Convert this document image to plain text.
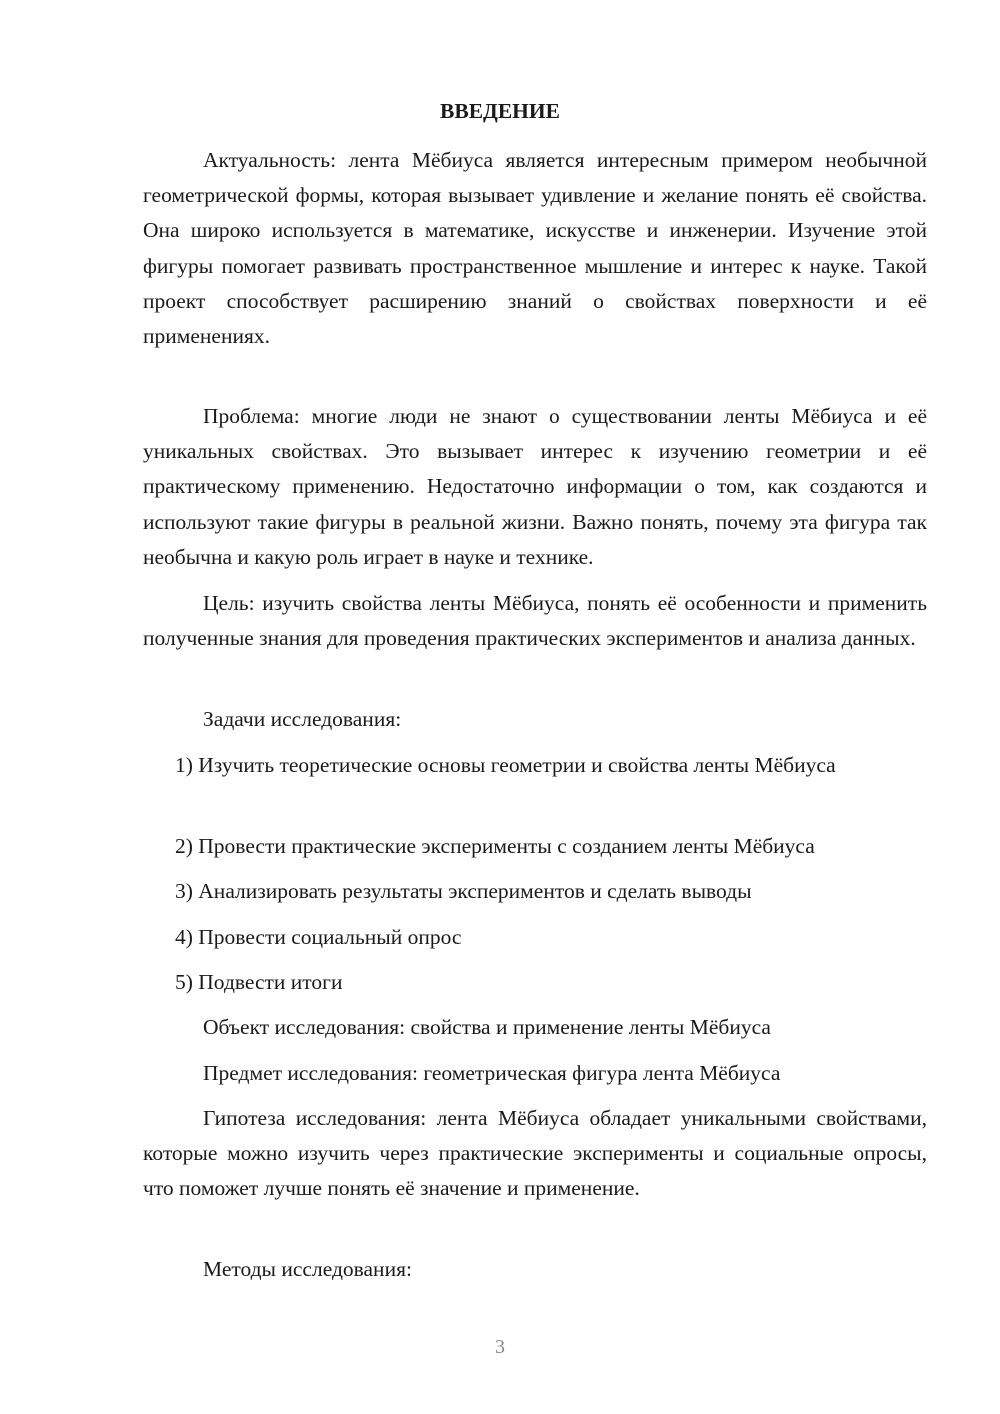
ВВЕДЕНИЕ

Актуальность: лента Мёбиуса является интересным примером необычной геометрической формы, которая вызывает удивление и желание понять её свойства. Она широко используется в математике, искусстве и инженерии. Изучение этой фигуры помогает развивать пространственное мышление и интерес к науке. Такой проект способствует расширению знаний о свойствах поверхности и её применениях.

Проблема: многие люди не знают о существовании ленты Мёбиуса и её уникальных свойствах. Это вызывает интерес к изучению геометрии и её практическому применению. Недостаточно информации о том, как создаются и используют такие фигуры в реальной жизни. Важно понять, почему эта фигура так необычна и какую роль играет в науке и технике.

Цель: изучить свойства ленты Мёбиуса, понять её особенности и применить полученные знания для проведения практических экспериментов и анализа данных.

Задачи исследования:

1) Изучить теоретические основы геометрии и свойства ленты Мёбиуса

2) Провести практические эксперименты с созданием ленты Мёбиуса

3) Анализировать результаты экспериментов и сделать выводы

4) Провести социальный опрос

5) Подвести итоги

Объект исследования: свойства и применение ленты Мёбиуса

Предмет исследования: геометрическая фигура лента Мёбиуса

Гипотеза исследования: лента Мёбиуса обладает уникальными свойствами, которые можно изучить через практические эксперименты и социальные опросы, что поможет лучше понять её значение и применение.

Методы исследования:

3
